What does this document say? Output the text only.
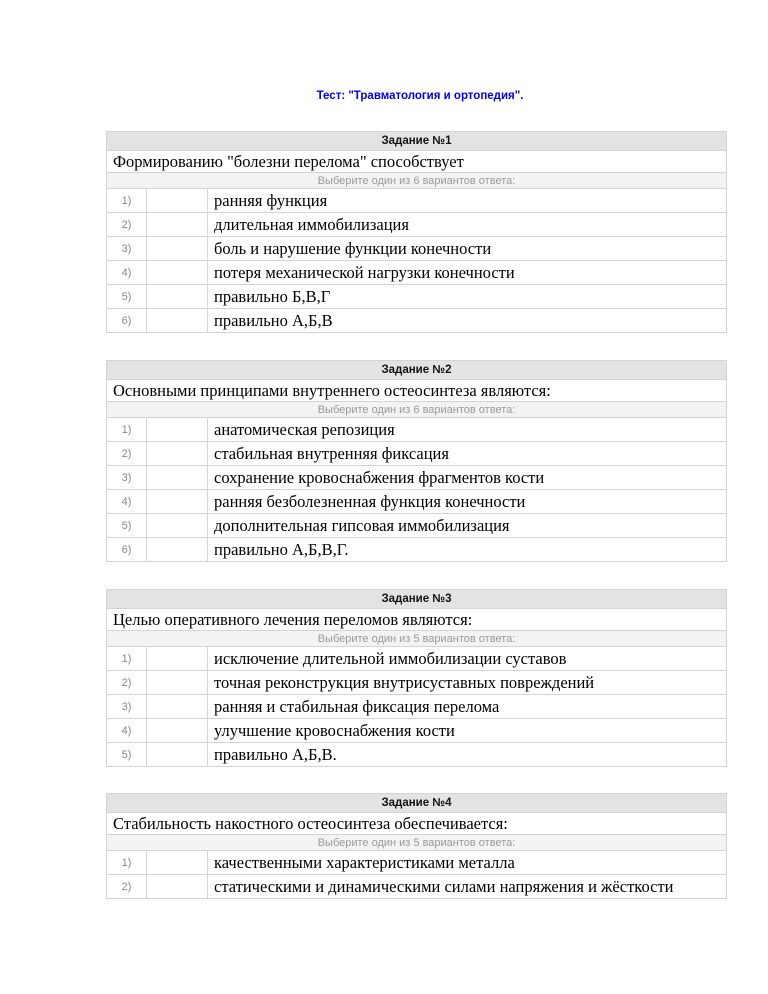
Тест: "Травматология и ортопедия".
Задание №1		
Формированию "болезни перелома" способствует		
Выберите один из 6 вариантов ответа:		
1)		ранняя функция
2)		длительная иммобилизация
3)		боль и нарушение функции конечности
4)		потеря механической нагрузки конечности
5)		правильно Б,В,Г
6)		правильно А,Б,В
Задание №2		
Основными принципами внутреннего остеосинтеза являются:		
Выберите один из 6 вариантов ответа:		
1)		анатомическая репозиция
2)		стабильная внутренняя фиксация
3)		сохранение кровоснабжения фрагментов кости
4)		ранняя безболезненная функция конечности
5)		дополнительная гипсовая иммобилизация
6)		правильно А,Б,В,Г.
Задание №3		
Целью оперативного лечения переломов являются:		
Выберите один из 5 вариантов ответа:		
1)		исключение длительной иммобилизации суставов
2)		точная реконструкция внутрисуставных повреждений
3)		ранняя и стабильная фиксация перелома
4)		улучшение кровоснабжения кости
5)		правильно А,Б,В.
Задание №4		
Стабильность накостного остеосинтеза обеспечивается:		
Выберите один из 5 вариантов ответа:		
1)		качественными характеристиками металла
2)		статическими и динамическими силами напряжения и жёсткости
